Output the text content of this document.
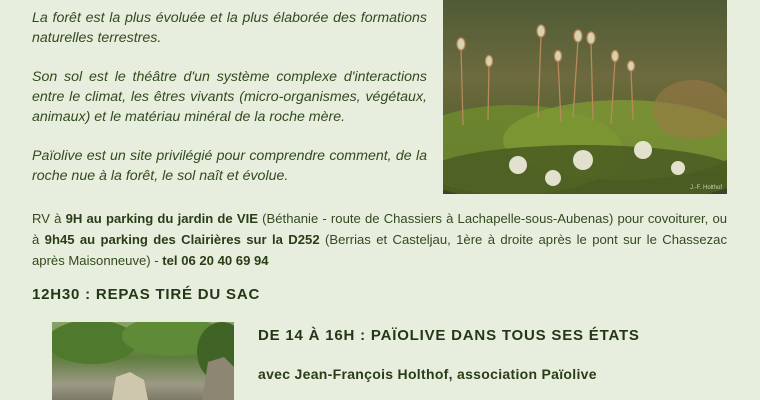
La forêt est la plus évoluée et la plus élaborée des formations naturelles terrestres.

Son sol est le théâtre d'un système complexe d'interactions entre le climat, les êtres vivants (micro-organismes, végétaux, animaux) et le matériau minéral de la roche mère.

Païolive est un site privilégié pour comprendre comment, de la roche nue à la forêt, le sol naît et évolue.

J.-F. Holthof
RV à 9H au parking du jardin de VIE (Béthanie - route de Chassiers à Lachapelle-sous-Aubenas) pour covoiturer, ou à 9h45 au parking des Clairières sur la D252 (Berrias et Casteljau, 1ère à droite après le pont sur le Chassezac après Maisonneuve) - tel 06 20 40 69 94
12H30 : REPAS TIRÉ DU SAC
DE 14 À 16H : PAÏOLIVE DANS TOUS SES ÉTATS
avec Jean-François Holthof, association Païolive
